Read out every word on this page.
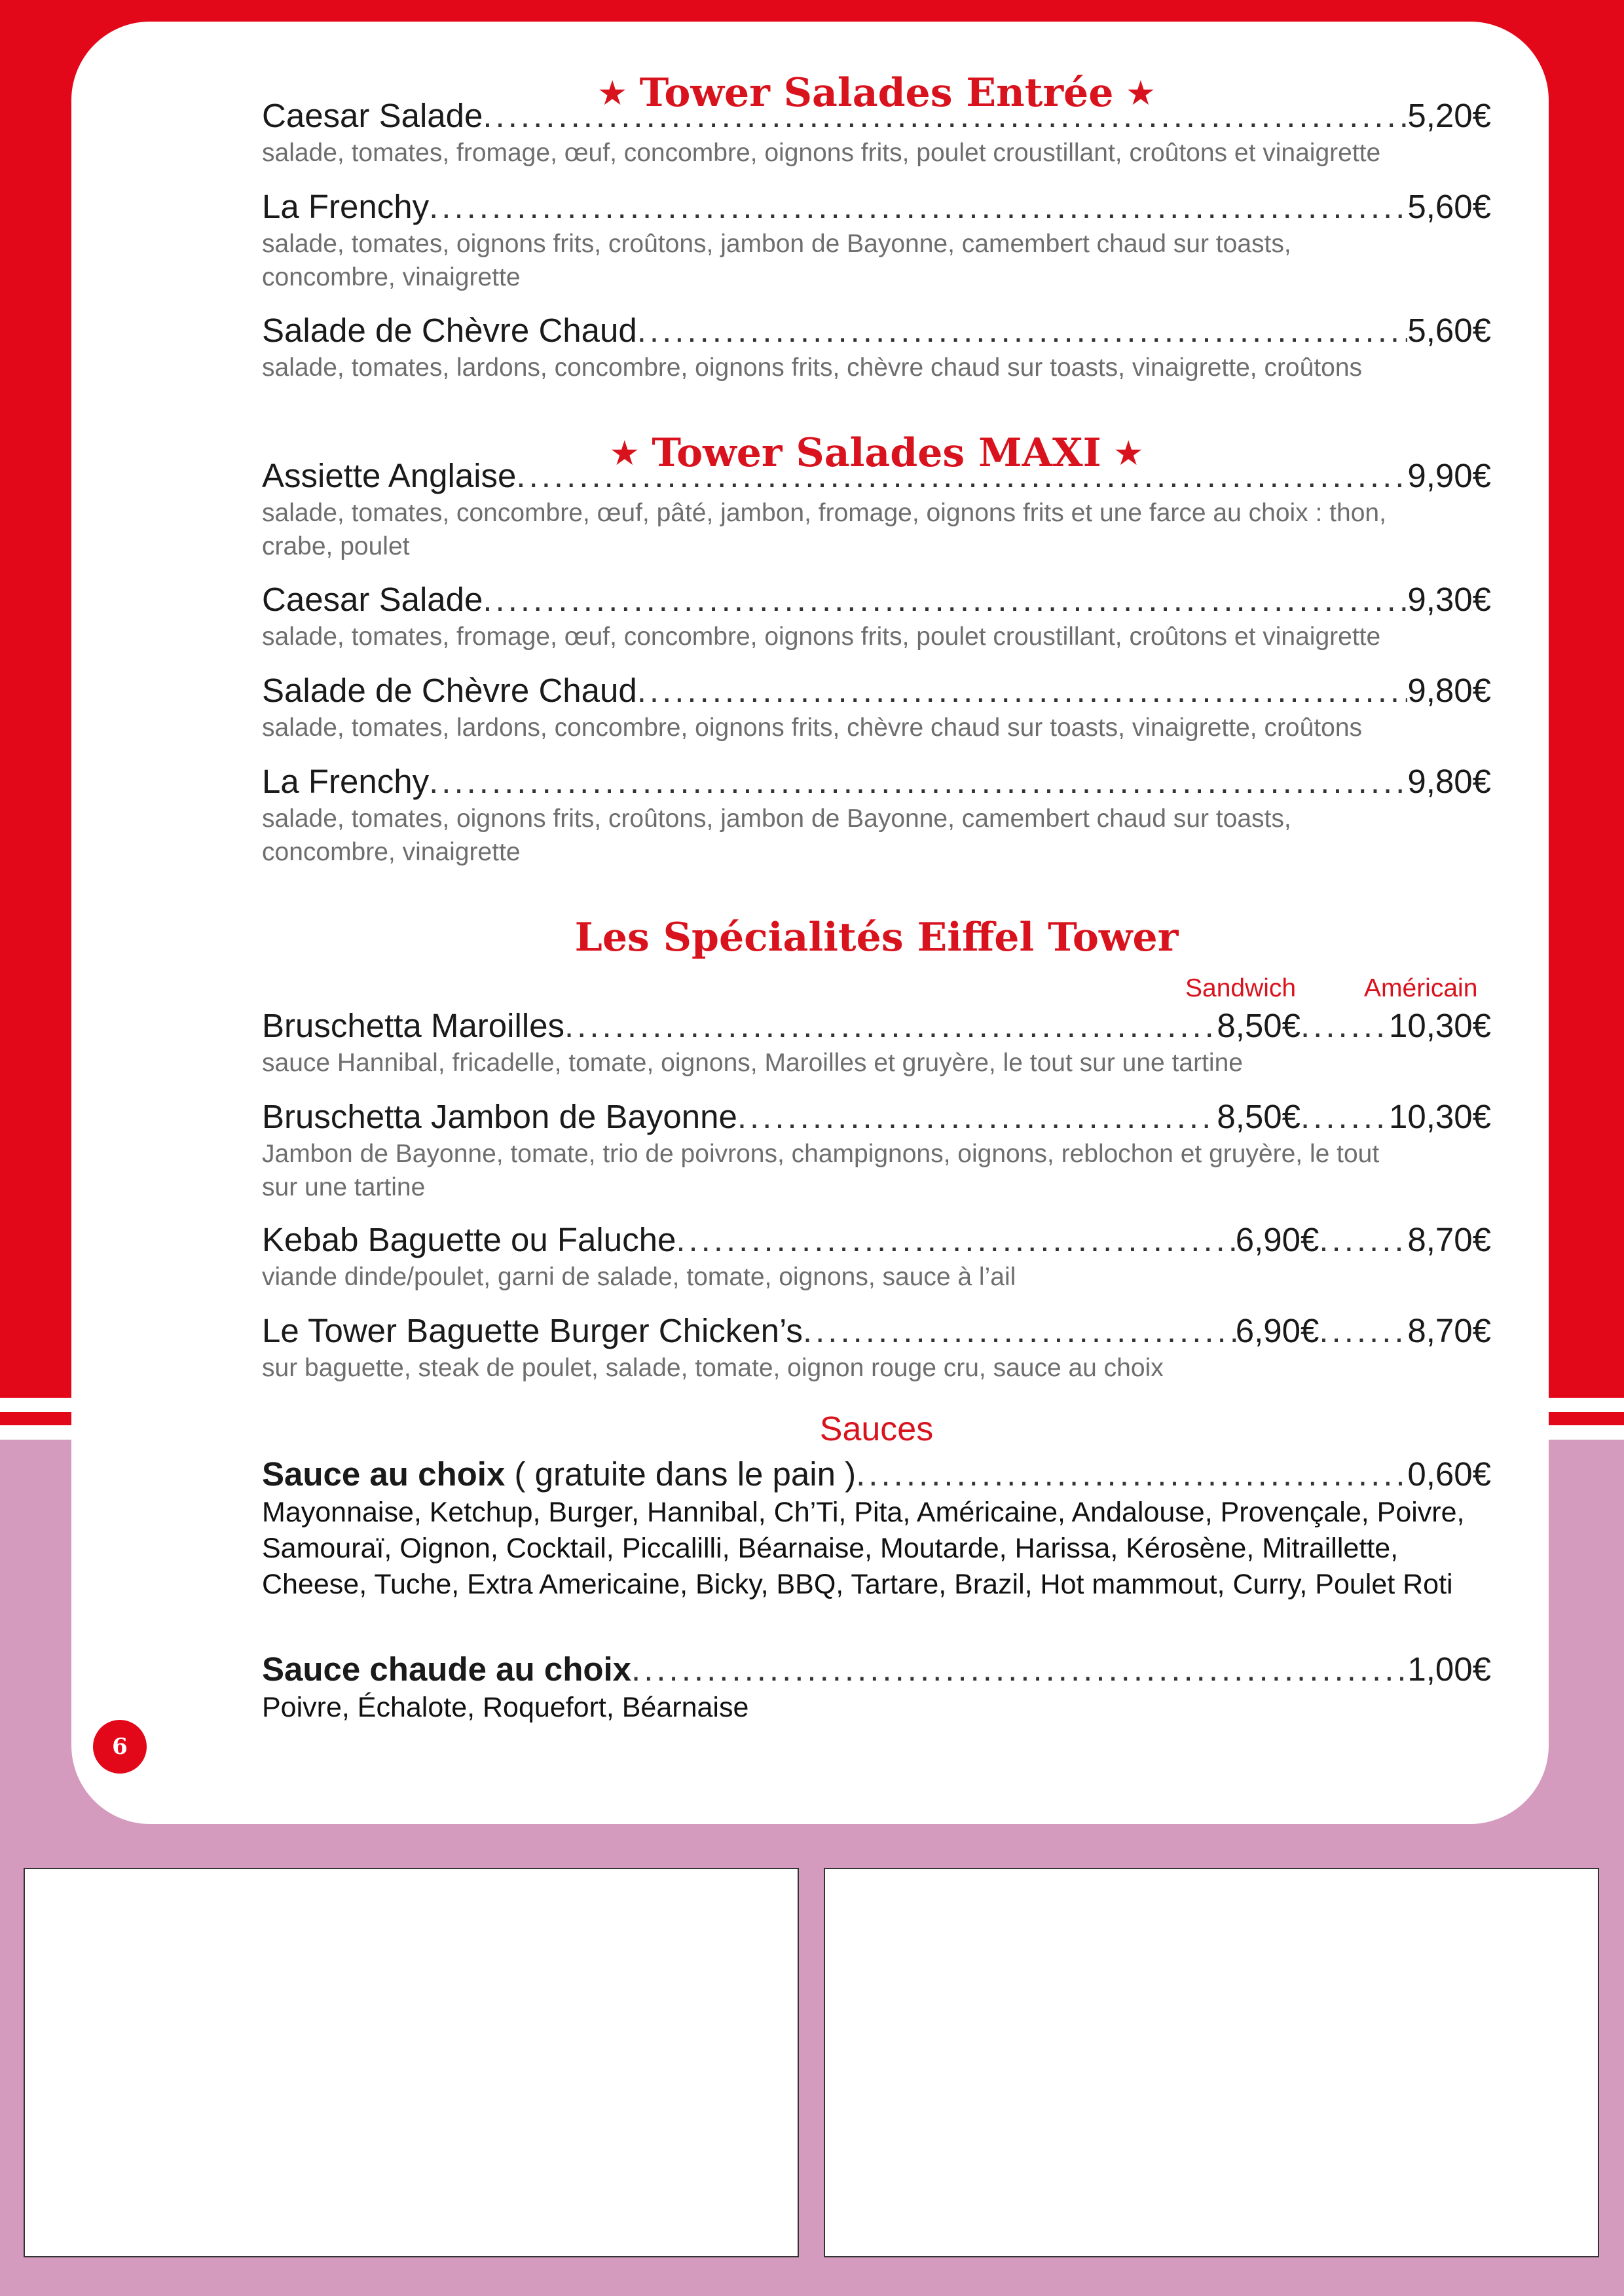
★ Tower Salades Entrée ★
Caesar Salade .....	5,20€
salade, tomates, fromage, œuf, concombre, oignons frits, poulet croustillant, croûtons et vinaigrette
La Frenchy .....	5,60€
salade, tomates, oignons frits, croûtons, jambon de Bayonne, camembert chaud sur toasts, concombre, vinaigrette
Salade de Chèvre Chaud .....	5,60€
salade, tomates, lardons, concombre, oignons frits, chèvre chaud sur toasts, vinaigrette, croûtons
★ Tower Salades MAXI ★
Assiette Anglaise .....	9,90€
salade, tomates, concombre, œuf, pâté, jambon, fromage, oignons frits et une farce au choix : thon, crabe, poulet
Caesar Salade .....	9,30€
salade, tomates, fromage, œuf, concombre, oignons frits, poulet croustillant, croûtons et vinaigrette
Salade de Chèvre Chaud .....	9,80€
salade, tomates, lardons, concombre, oignons frits, chèvre chaud sur toasts, vinaigrette, croûtons
La Frenchy .....	9,80€
salade, tomates, oignons frits, croûtons, jambon de Bayonne, camembert chaud sur toasts, concombre, vinaigrette
Les Spécialités Eiffel Tower
Sandwich	Américain
Bruschetta Maroilles .....	8,50€ .....	10,30€
sauce Hannibal, fricadelle, tomate, oignons, Maroilles et gruyère, le tout sur une tartine
Bruschetta Jambon de Bayonne .....	8,50€ .....	10,30€
Jambon de Bayonne, tomate, trio de poivrons, champignons, oignons, reblochon et gruyère, le tout sur une tartine
Kebab Baguette ou Faluche .....	6,90€ .....	8,70€
viande dinde/poulet, garni de salade, tomate, oignons, sauce à l’ail
Le Tower Baguette Burger Chicken’s .....	6,90€ .....	8,70€
sur baguette, steak de poulet, salade, tomate, oignon rouge cru, sauce au choix
Sauces
Sauce au choix ( gratuite dans le pain ) .....	0,60€
Mayonnaise, Ketchup, Burger, Hannibal, Ch’Ti, Pita, Américaine, Andalouse, Provençale, Poivre, Samouraï, Oignon, Cocktail, Piccalilli, Béarnaise, Moutarde, Harissa, Kérosène, Mitraillette, Cheese, Tuche, Extra Americaine, Bicky, BBQ, Tartare, Brazil, Hot mammout, Curry, Poulet Roti
Sauce chaude au choix .....	1,00€
Poivre, Échalote, Roquefort, Béarnaise
6
